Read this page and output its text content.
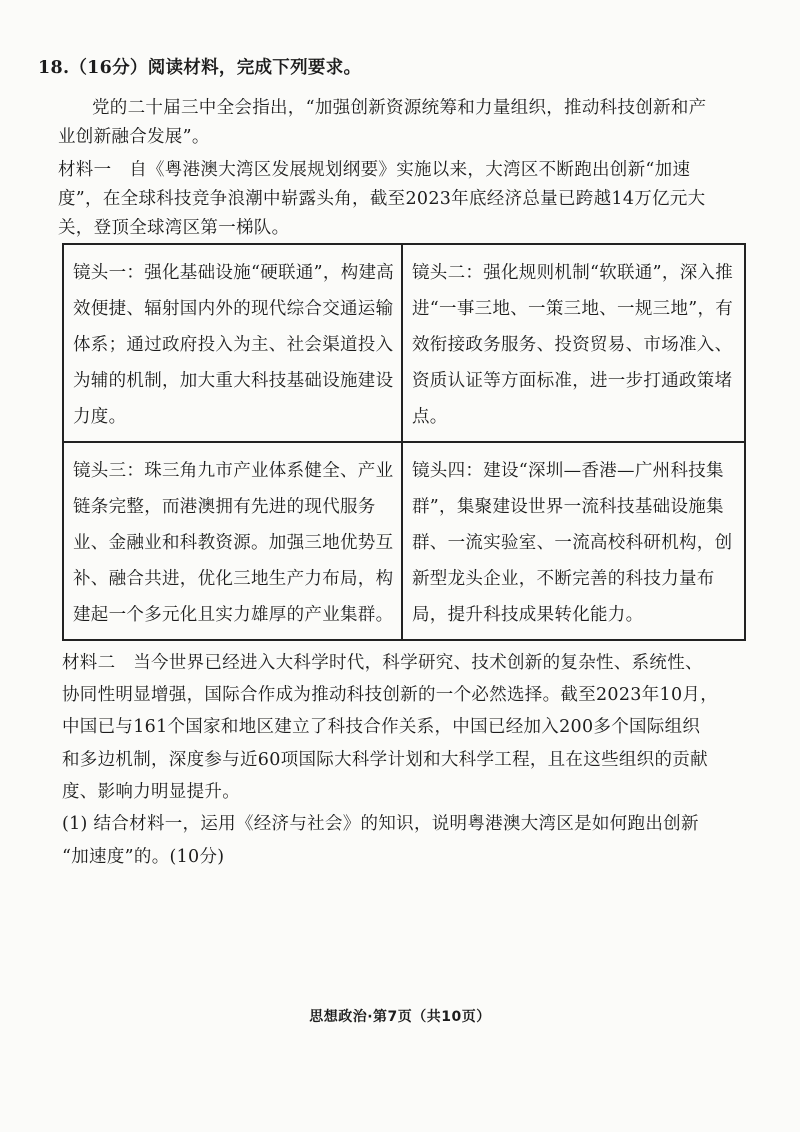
18.（16分）阅读材料，完成下列要求。
党的二十届三中全会指出，“加强创新资源统筹和力量组织，推动科技创新和产
业创新融合发展”。
材料一　自《粤港澳大湾区发展规划纲要》实施以来，大湾区不断跑出创新“加速
度”，在全球科技竞争浪潮中崭露头角，截至2023年底经济总量已跨越14万亿元大
关，登顶全球湾区第一梯队。
镜头一：强化基础设施“硬联通”，构建高效便捷、辐射国内外的现代综合交通运输体系；通过政府投入为主、社会渠道投入为辅的机制，加大重大科技基础设施建设力度。	镜头二：强化规则机制“软联通”，深入推进“一事三地、一策三地、一规三地”，有效衔接政务服务、投资贸易、市场准入、资质认证等方面标准，进一步打通政策堵点。
镜头三：珠三角九市产业体系健全、产业链条完整，而港澳拥有先进的现代服务业、金融业和科教资源。加强三地优势互补、融合共进，优化三地生产力布局，构建起一个多元化且实力雄厚的产业集群。	镜头四：建设“深圳—香港—广州科技集群”，集聚建设世界一流科技基础设施集群、一流实验室、一流高校科研机构，创新型龙头企业，不断完善的科技力量布局，提升科技成果转化能力。
材料二　当今世界已经进入大科学时代，科学研究、技术创新的复杂性、系统性、
协同性明显增强，国际合作成为推动科技创新的一个必然选择。截至2023年10月，
中国已与161个国家和地区建立了科技合作关系，中国已经加入200多个国际组织
和多边机制，深度参与近60项国际大科学计划和大科学工程，且在这些组织的贡献
度、影响力明显提升。
(1) 结合材料一，运用《经济与社会》的知识，说明粤港澳大湾区是如何跑出创新
“加速度”的。(10分)
思想政治·第7页（共10页）
